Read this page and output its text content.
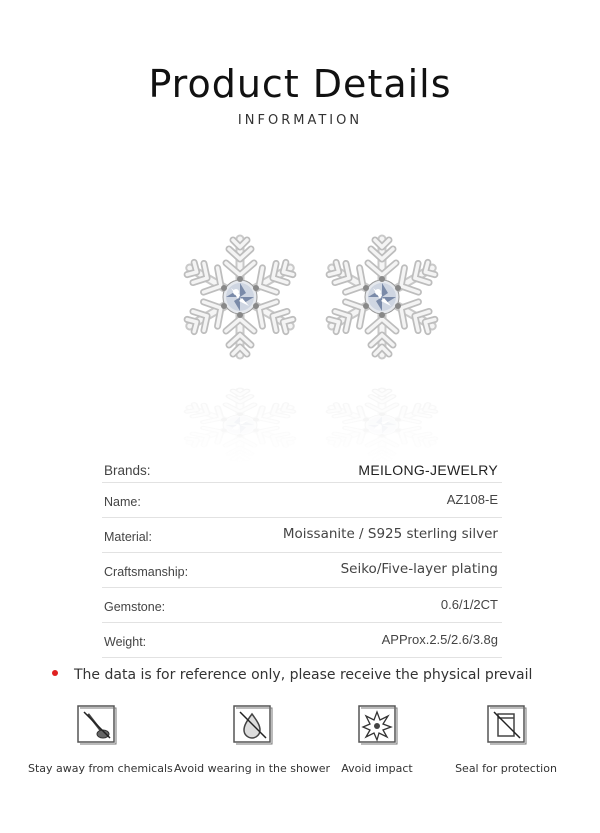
Product Details
INFORMATION
Brands:	MEILONG-JEWELRY
Name:	AZ108-E
Material:	Moissanite / S925 sterling silver
Craftsmanship:	Seiko/Five-layer plating
Gemstone:	0.6/1/2CT
Weight:	APProx.2.5/2.6/3.8g
The data is for reference only, please receive the physical prevail
Stay away from chemicals Avoid wearing in the shower	Avoid impact	Seal for protection
